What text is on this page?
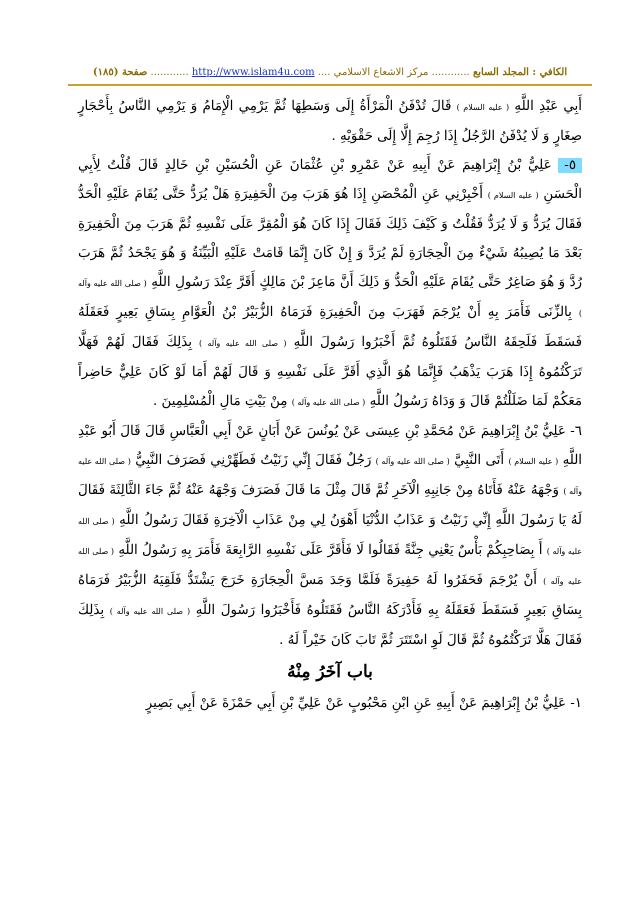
الكافي : المجلد السابع ............ مركز الاشعاع الاسلامي .... http://www.islam4u.com ............ صفحة (١٨٥)

أَبِي عَبْدِ اللَّهِ ( عليه السلام ) قَالَ تُدْفَنُ الْمَرْأَةُ إِلَى وَسَطِهَا ثُمَّ يَرْمِي الْإِمَامُ وَ يَرْمِي النَّاسُ بِأَحْجَارٍ صِغَارٍ وَ لَا يُدْفَنُ الرَّجُلُ إِذَا رُجِمَ إِلَّا إِلَى حَقْوَيْهِ .

٥- عَلِيُّ بْنُ إِبْرَاهِيمَ عَنْ أَبِيهِ عَنْ عَمْرِو بْنِ عُثْمَانَ عَنِ الْحُسَيْنِ بْنِ خَالِدٍ قَالَ قُلْتُ لِأَبِي الْحَسَنِ ( عليه السلام ) أَخْبِرْنِي عَنِ الْمُحْصَنِ إِذَا هُوَ هَرَبَ مِنَ الْحَفِيرَةِ هَلْ يُرَدُّ حَتَّى يُقَامَ عَلَيْهِ الْحَدُّ فَقَالَ يُرَدُّ وَ لَا يُرَدُّ فَقُلْتُ وَ كَيْفَ ذَلِكَ فَقَالَ إِذَا كَانَ هُوَ الْمُقِرَّ عَلَى نَفْسِهِ ثُمَّ هَرَبَ مِنَ الْحَفِيرَةِ بَعْدَ مَا يُصِيبُهُ شَيْءٌ مِنَ الْحِجَارَةِ لَمْ يُرَدَّ وَ إِنْ كَانَ إِنَّمَا قَامَتْ عَلَيْهِ الْبَيِّنَةُ وَ هُوَ يَجْحَدُ ثُمَّ هَرَبَ رُدَّ وَ هُوَ صَاغِرٌ حَتَّى يُقَامَ عَلَيْهِ الْحَدُّ وَ ذَلِكَ أَنَّ مَاعِزَ بْنَ مَالِكٍ أَقَرَّ عِنْدَ رَسُولِ اللَّهِ ( صلى الله عليه وآله ) بِالزِّنَى فَأَمَرَ بِهِ أَنْ يُرْجَمَ فَهَرَبَ مِنَ الْحَفِيرَةِ فَرَمَاهُ الزُّبَيْرُ بْنُ الْعَوَّامِ بِسَاقِ بَعِيرٍ فَعَقَلَهُ فَسَقَطَ فَلَحِقَهُ النَّاسُ فَقَتَلُوهُ ثُمَّ أَخْبَرُوا رَسُولَ اللَّهِ ( صلى الله عليه وآله ) بِذَلِكَ فَقَالَ لَهُمْ فَهَلَّا تَرَكْتُمُوهُ إِذَا هَرَبَ يَذْهَبُ فَإِنَّمَا هُوَ الَّذِي أَقَرَّ عَلَى نَفْسِهِ وَ قَالَ لَهُمْ أَمَا لَوْ كَانَ عَلِيٌّ حَاضِراً مَعَكُمْ لَمَا ضَلَلْتُمْ قَالَ وَ وَدَاهُ رَسُولُ اللَّهِ ( صلى الله عليه وآله ) مِنْ بَيْتِ مَالِ الْمُسْلِمِينَ .

٦- عَلِيُّ بْنُ إِبْرَاهِيمَ عَنْ مُحَمَّدِ بْنِ عِيسَى عَنْ يُونُسَ عَنْ أَبَانٍ عَنْ أَبِي الْعَبَّاسِ قَالَ قَالَ أَبُو عَبْدِ اللَّهِ ( عليه السلام ) أَتَى النَّبِيَّ ( صلى الله عليه وآله ) رَجُلٌ فَقَالَ إِنِّي زَنَيْتُ فَطَهِّرْنِي فَصَرَفَ النَّبِيُّ ( صلى الله عليه وآله ) وَجْهَهُ عَنْهُ فَأَتَاهُ مِنْ جَانِبِهِ الْآخَرِ ثُمَّ قَالَ مِثْلَ مَا قَالَ فَصَرَفَ وَجْهَهُ عَنْهُ ثُمَّ جَاءَ الثَّالِثَةَ فَقَالَ لَهُ يَا رَسُولَ اللَّهِ إِنِّي زَنَيْتُ وَ عَذَابُ الدُّنْيَا أَهْوَنُ لِي مِنْ عَذَابِ الْآخِرَةِ فَقَالَ رَسُولُ اللَّهِ ( صلى الله عليه وآله ) أَ بِصَاحِبِكُمْ بَأْسٌ يَعْنِي جِنَّةً فَقَالُوا لَا فَأَقَرَّ عَلَى نَفْسِهِ الرَّابِعَةَ فَأَمَرَ بِهِ رَسُولُ اللَّهِ ( صلى الله عليه وآله ) أَنْ يُرْجَمَ فَحَفَرُوا لَهُ حَفِيرَةً فَلَمَّا وَجَدَ مَسَّ الْحِجَارَةِ خَرَجَ يَشْتَدُّ فَلَقِيَهُ الزُّبَيْرُ فَرَمَاهُ بِسَاقِ بَعِيرٍ فَسَقَطَ فَعَقَلَهُ بِهِ فَأَدْرَكَهُ النَّاسُ فَقَتَلُوهُ فَأَخْبَرُوا رَسُولَ اللَّهِ ( صلى الله عليه وآله ) بِذَلِكَ فَقَالَ هَلَّا تَرَكْتُمُوهُ ثُمَّ قَالَ لَوِ اسْتَتَرَ ثُمَّ تَابَ كَانَ خَيْراً لَهُ .

باب آخَرُ مِنْهُ

١- عَلِيُّ بْنُ إِبْرَاهِيمَ عَنْ أَبِيهِ عَنِ ابْنِ مَحْبُوبٍ عَنْ عَلِيِّ بْنِ أَبِي حَمْزَةَ عَنْ أَبِي بَصِيرٍ
